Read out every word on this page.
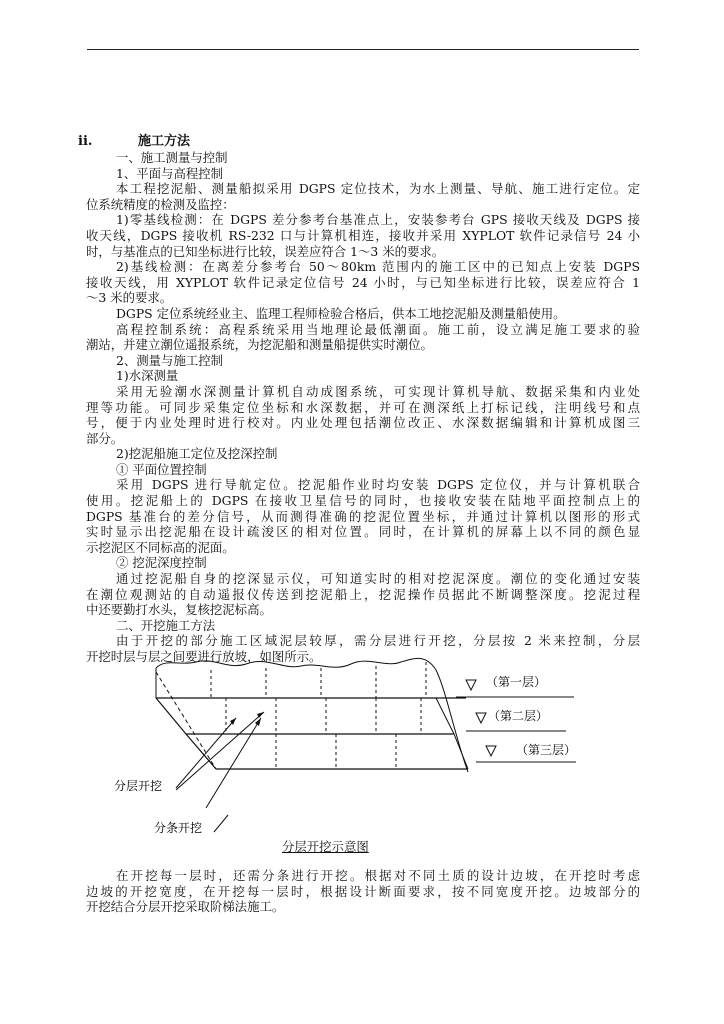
ii.	施工方法
一、施工测量与控制
1、平面与高程控制
本工程挖泥船、测量船拟采用 DGPS 定位技术，为水上测量、导航、施工进行定位。定
位系统精度的检测及监控：
1)零基线检测：在 DGPS 差分参考台基准点上，安装参考台 GPS 接收天线及 DGPS 接
收天线，DGPS 接收机 RS-232 口与计算机相连，接收并采用 XYPLOT 软件记录信号 24 小
时，与基准点的已知坐标进行比较，误差应符合 1～3 米的要求。
2)基线检测：在离差分参考台 50～80km 范围内的施工区中的已知点上安装 DGPS
接收天线，用 XYPLOT 软件记录定位信号 24 小时，与已知坐标进行比较，误差应符合 1
～3 米的要求。
DGPS 定位系统经业主、监理工程师检验合格后，供本工地挖泥船及测量船使用。
高程控制系统：高程系统采用当地理论最低潮面。施工前，设立满足施工要求的验
潮站，并建立潮位遥报系统，为挖泥船和测量船提供实时潮位。
2、测量与施工控制
1)水深测量
采用无验潮水深测量计算机自动成图系统，可实现计算机导航、数据采集和内业处
理等功能。可同步采集定位坐标和水深数据，并可在测深纸上打标记线，注明线号和点
号，便于内业处理时进行校对。内业处理包括潮位改正、水深数据编辑和计算机成图三
部分。
2)挖泥船施工定位及挖深控制
① 平面位置控制
采用 DGPS 进行导航定位。挖泥船作业时均安装 DGPS 定位仪，并与计算机联合
使用。挖泥船上的 DGPS 在接收卫星信号的同时，也接收安装在陆地平面控制点上的
DGPS 基准台的差分信号，从而测得准确的挖泥位置坐标，并通过计算机以图形的形式
实时显示出挖泥船在设计疏浚区的相对位置。同时，在计算机的屏幕上以不同的颜色显
示挖泥区不同标高的泥面。
② 挖泥深度控制
通过挖泥船自身的挖深显示仪，可知道实时的相对挖泥深度。潮位的变化通过安装
在潮位观测站的自动遥报仪传送到挖泥船上，挖泥操作员据此不断调整深度。挖泥过程
中还要勤打水头，复核挖泥标高。
二、开挖施工方法
由于开挖的部分施工区域泥层较厚，需分层进行开挖，分层按 2 米来控制，分层
开挖时层与层之间要进行放坡，如图所示。
（第一层）
（第二层）
（第三层）
分层开挖
分条开挖
分层开挖示意图
在开挖每一层时，还需分条进行开挖。根据对不同土质的设计边坡，在开挖时考虑
边坡的开挖宽度，在开挖每一层时，根据设计断面要求，按不同宽度开挖。边坡部分的
开挖结合分层开挖采取阶梯法施工。
